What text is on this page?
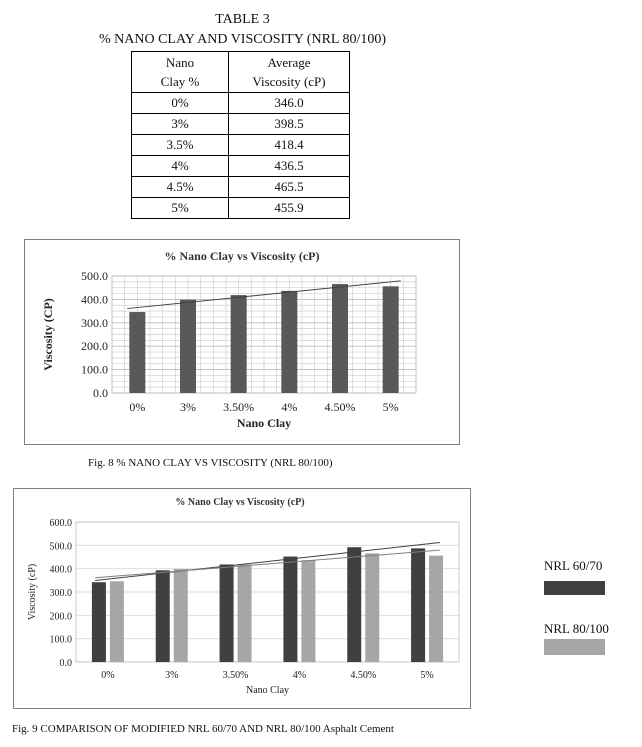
TABLE 3
% NANO CLAY AND VISCOSITY (NRL 80/100)
Nano
Clay %	Average
Viscosity (cP)
0%	346.0
3%	398.5
3.5%	418.4
4%	436.5
4.5%	465.5
5%	455.9
0.0
100.0
200.0
300.0
400.0
500.0
0%	3% 3.50% 4% 4.50% 5%
% Nano Clay vs Viscosity (cP)
Nano Clay
Viscosity (CP)
Fig. 8 % NANO CLAY VS VISCOSITY (NRL 80/100)
0.0
100.0
200.0
300.0
400.0
500.0
600.0
0%	3%	3.50%	4%	4.50%	5%
% Nano Clay vs Viscosity (cP)
Nano Clay
Viscosity (cP)
Fig. 9 COMPARISON OF MODIFIED NRL 60/70 AND NRL 80/100 Asphalt Cement
NRL 60/70
NRL 80/100
